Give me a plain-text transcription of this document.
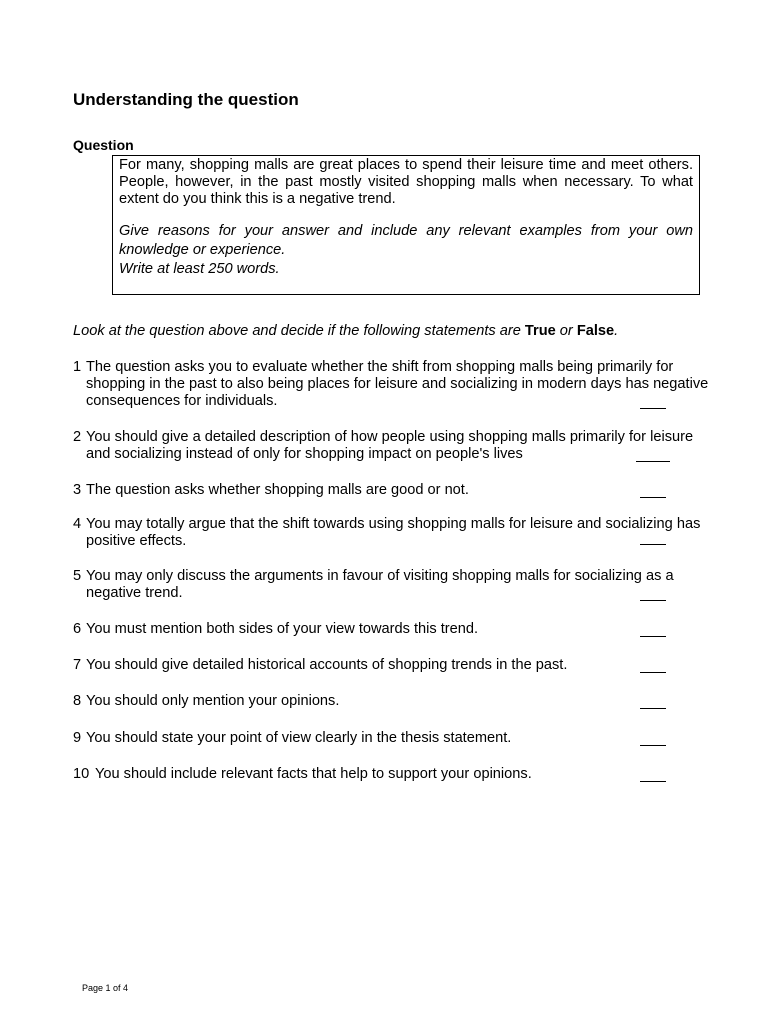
Understanding the question
Question

For many, shopping malls are great places to spend their leisure time and meet others. People, however, in the past mostly visited shopping malls when necessary. To what extent do you think this is a negative trend.

Give reasons for your answer and include any relevant examples from your own knowledge or experience.
Write at least 250 words.

Look at the question above and decide if the following statements are True or False.

1 The question asks you to evaluate whether the shift from shopping malls being primarily for shopping in the past to also being places for leisure and socializing in modern days has negative consequences for individuals.
2 You should give a detailed description of how people using shopping malls primarily for leisure and socializing instead of only for shopping impact on people's lives
3 The question asks whether shopping malls are good or not.
4 You may totally argue that the shift towards using shopping malls for leisure and socializing has positive effects.
5 You may only discuss the arguments in favour of visiting shopping malls for socializing as a negative trend.
6 You must mention both sides of your view towards this trend.
7 You should give detailed historical accounts of shopping trends in the past.
8 You should only mention your opinions.
9 You should state your point of view clearly in the thesis statement.
10 You should include relevant facts that help to support your opinions.

Page 1 of 4
